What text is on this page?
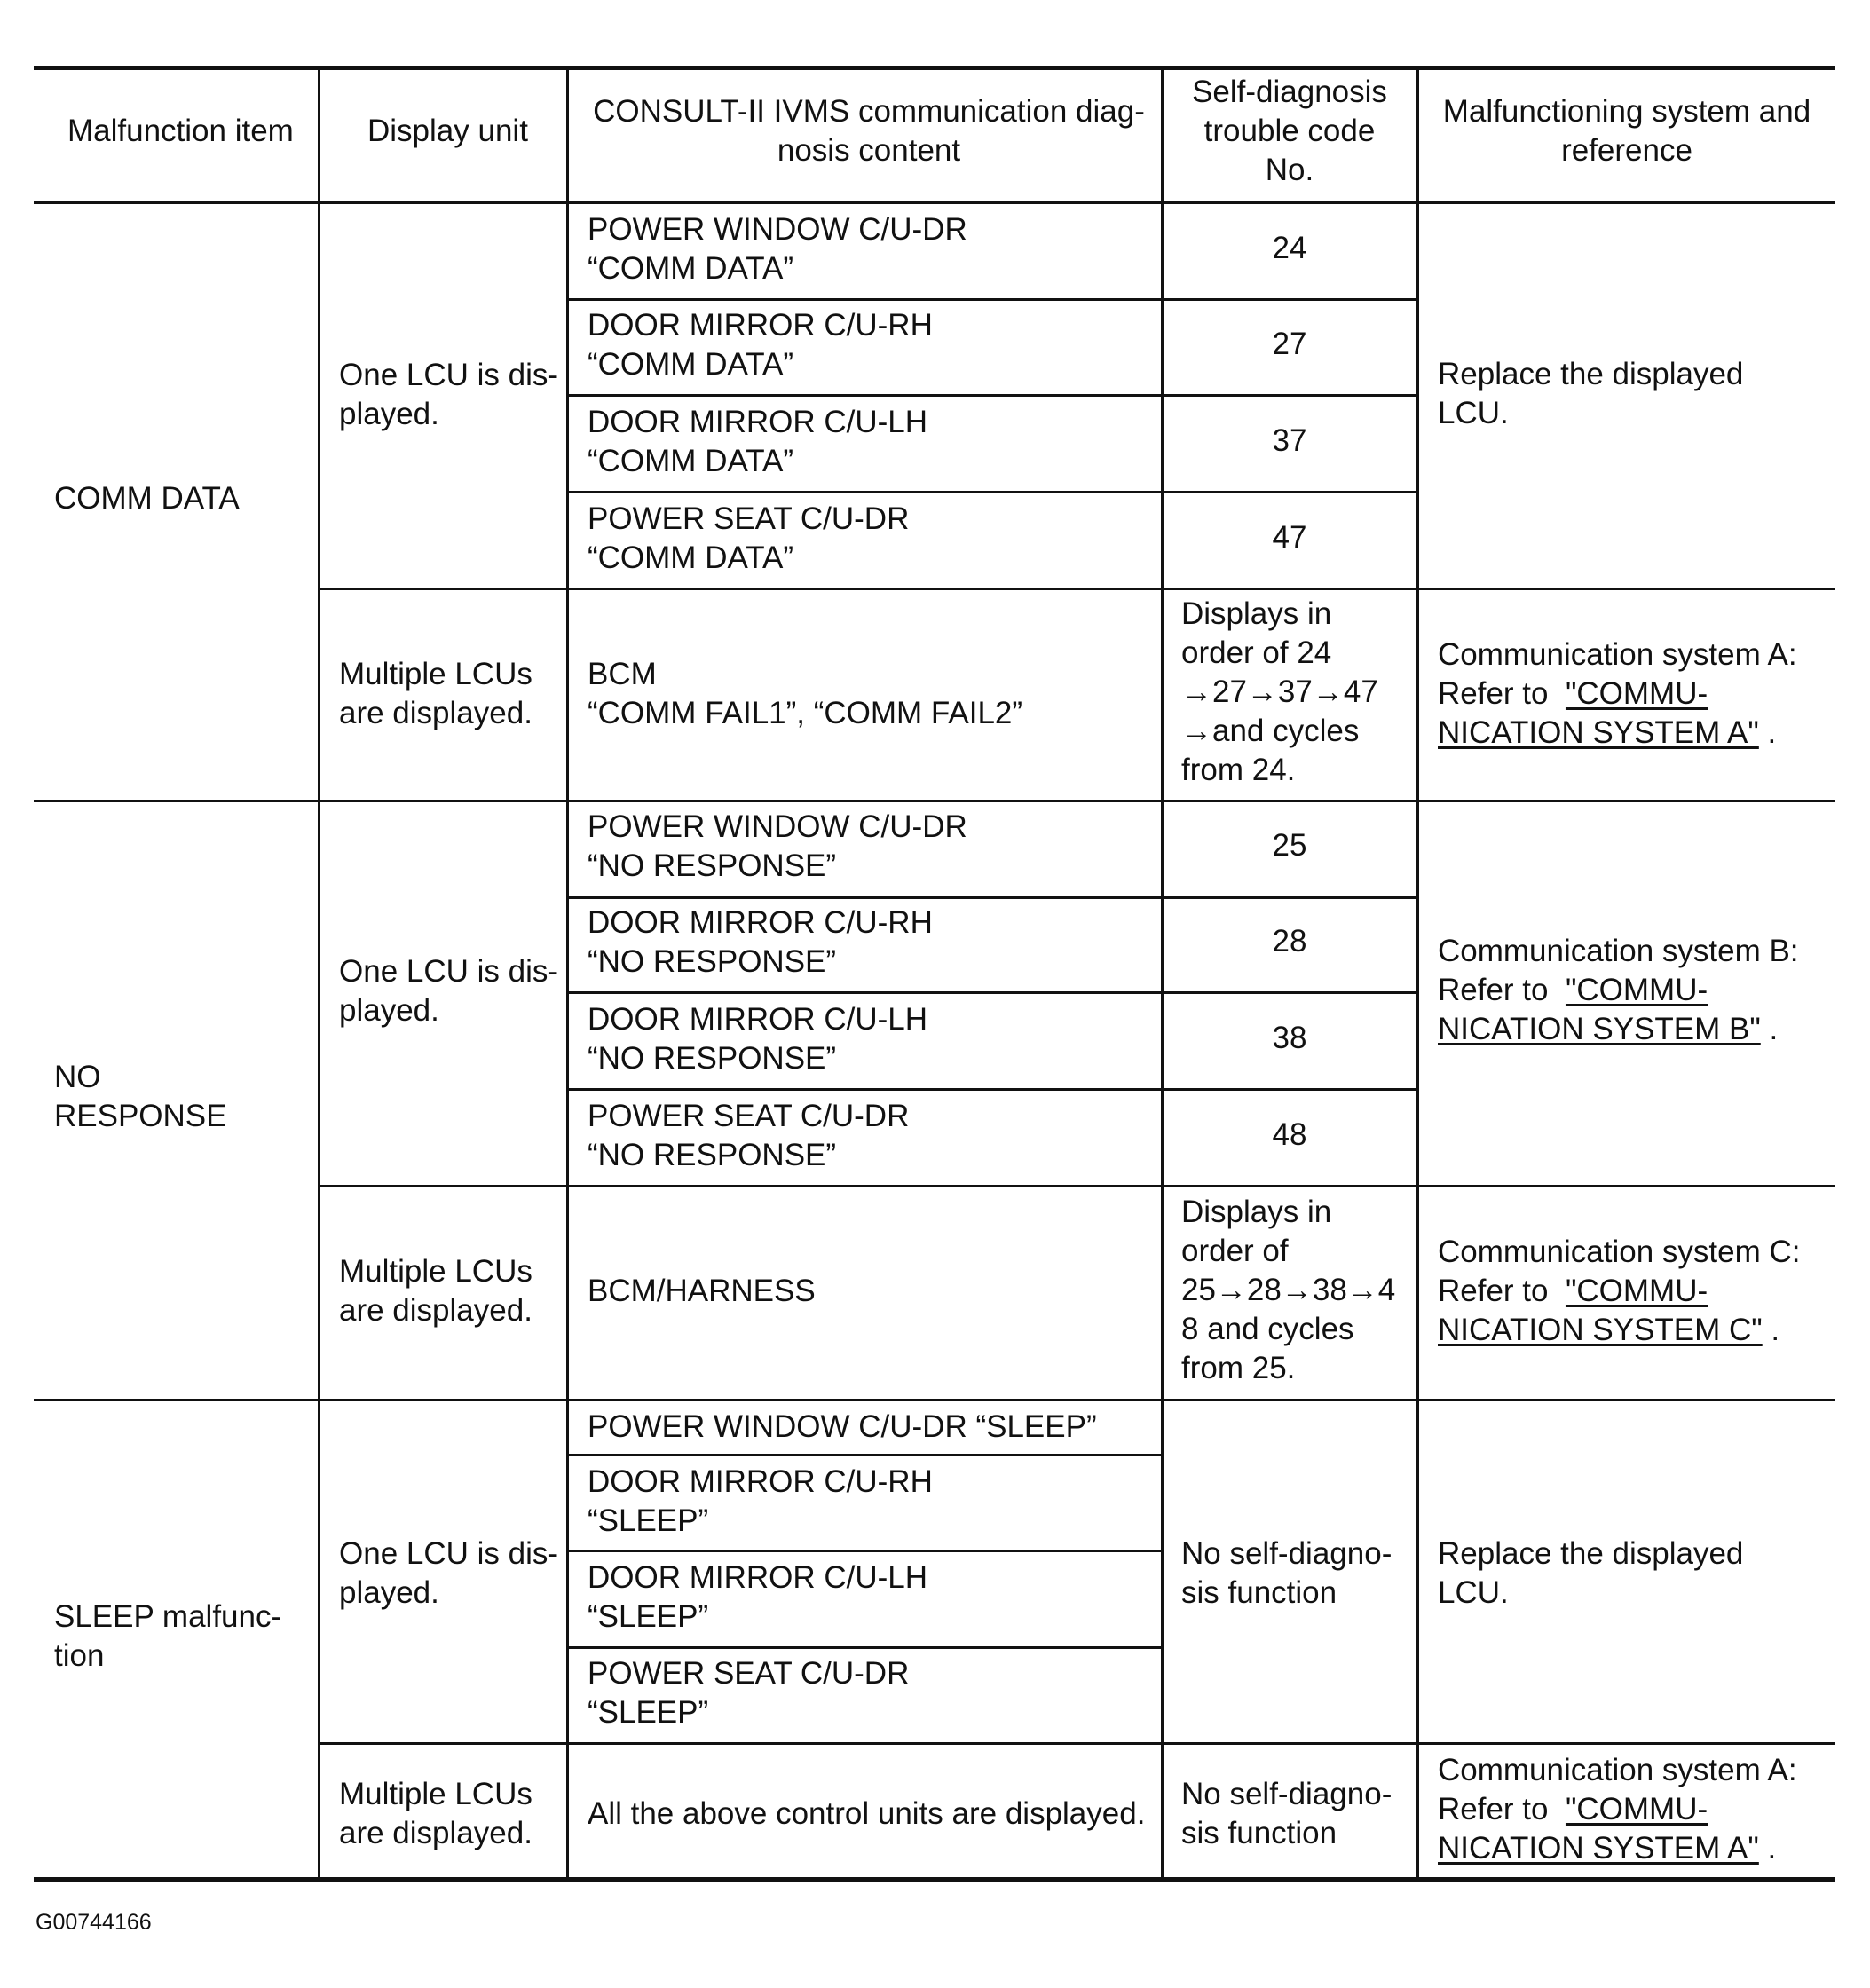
Malfunction item Display unit
CONSULT-II IVMS communication diag-
nosis content
Self-diagnosis
trouble code
No.
Malfunctioning system and
reference
COMM DATA
One LCU is dis-
played.
POWER WINDOW C/U-DR
“COMM DATA”
DOOR MIRROR C/U-RH
“COMM DATA”
DOOR MIRROR C/U-LH
“COMM DATA”
POWER SEAT C/U-DR
“COMM DATA”
24
27
37
47
Replace the displayed
LCU.
Multiple LCUs
are displayed.
BCM
“COMM FAIL1”, “COMM FAIL2”
Displays in
order of 24
→27→37→47
→and cycles
from 24.
Communication system A:
Refer to  "COMMU-
NICATION SYSTEM A" .
NO
RESPONSE
One LCU is dis-
played.
POWER WINDOW C/U-DR
“NO RESPONSE”
DOOR MIRROR C/U-RH
“NO RESPONSE”
DOOR MIRROR C/U-LH
“NO RESPONSE”
POWER SEAT C/U-DR
“NO RESPONSE”
25
28
38
48
Communication system B:
Refer to  "COMMU-
NICATION SYSTEM B" .
Multiple LCUs
are displayed.
BCM/HARNESS
Displays in
order of
25→28→38→4
8 and cycles
from 25.
Communication system C:
Refer to  "COMMU-
NICATION SYSTEM C" .
SLEEP malfunc-
tion
One LCU is dis-
played.
POWER WINDOW C/U-DR “SLEEP”
DOOR MIRROR C/U-RH
“SLEEP”
DOOR MIRROR C/U-LH
“SLEEP”
POWER SEAT C/U-DR
“SLEEP”
No self-diagno-
sis function
Replace the displayed
LCU.
Multiple LCUs
are displayed.
All the above control units are displayed.
No self-diagno-
sis function
Communication system A:
Refer to  "COMMU-
NICATION SYSTEM A" .
G00744166
